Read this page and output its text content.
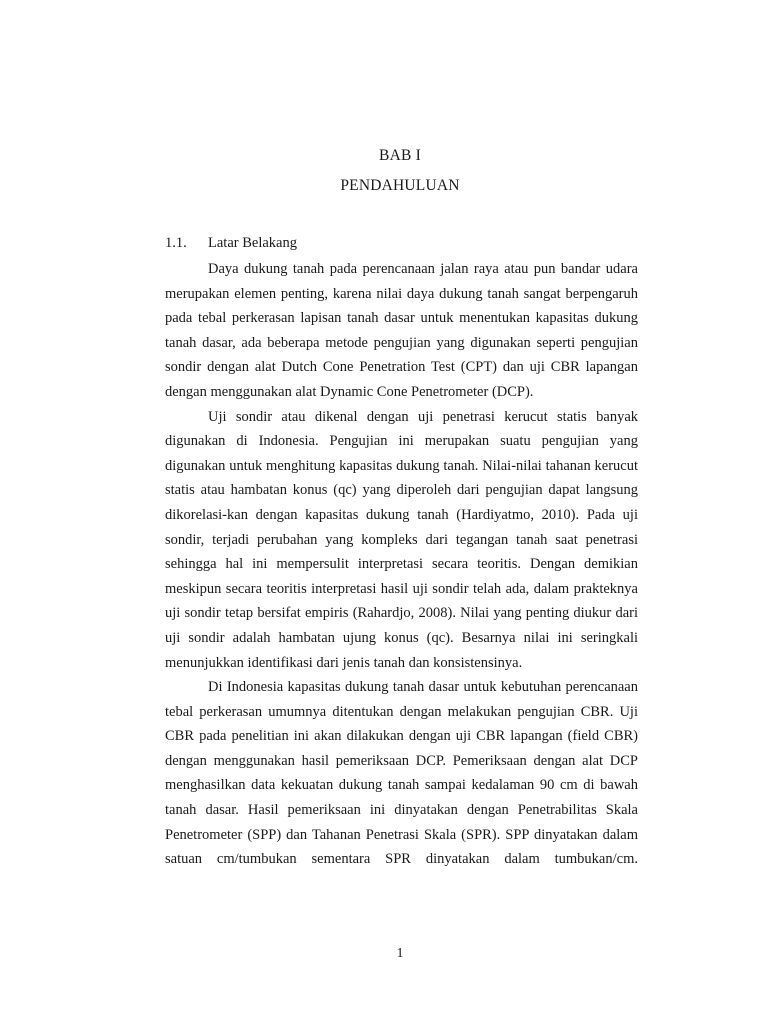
BAB I
PENDAHULUAN
1.1. Latar Belakang

Daya dukung tanah pada perencanaan jalan raya atau pun bandar udara merupakan elemen penting, karena nilai daya dukung tanah sangat berpengaruh pada tebal perkerasan lapisan tanah dasar untuk menentukan kapasitas dukung tanah dasar, ada beberapa metode pengujian yang digunakan seperti pengujian sondir dengan alat Dutch Cone Penetration Test (CPT) dan uji CBR lapangan dengan menggunakan alat Dynamic Cone Penetrometer (DCP).

Uji sondir atau dikenal dengan uji penetrasi kerucut statis banyak digunakan di Indonesia. Pengujian ini merupakan suatu pengujian yang digunakan untuk menghitung kapasitas dukung tanah. Nilai-nilai tahanan kerucut statis atau hambatan konus (qc) yang diperoleh dari pengujian dapat langsung dikorelasi-kan dengan kapasitas dukung tanah (Hardiyatmo, 2010). Pada uji sondir, terjadi perubahan yang kompleks dari tegangan tanah saat penetrasi sehingga hal ini mempersulit interpretasi secara teoritis. Dengan demikian meskipun secara teoritis interpretasi hasil uji sondir telah ada, dalam prakteknya uji sondir tetap bersifat empiris (Rahardjo, 2008). Nilai yang penting diukur dari uji sondir adalah hambatan ujung konus (qc). Besarnya nilai ini seringkali menunjukkan identifikasi dari jenis tanah dan konsistensinya.

Di Indonesia kapasitas dukung tanah dasar untuk kebutuhan perencanaan tebal perkerasan umumnya ditentukan dengan melakukan pengujian CBR. Uji CBR pada penelitian ini akan dilakukan dengan uji CBR lapangan (field CBR) dengan menggunakan hasil pemeriksaan DCP. Pemeriksaan dengan alat DCP menghasilkan data kekuatan dukung tanah sampai kedalaman 90 cm di bawah tanah dasar. Hasil pemeriksaan ini dinyatakan dengan Penetrabilitas Skala Penetrometer (SPP) dan Tahanan Penetrasi Skala (SPR). SPP dinyatakan dalam satuan cm/tumbukan sementara SPR dinyatakan dalam tumbukan/cm.

1
